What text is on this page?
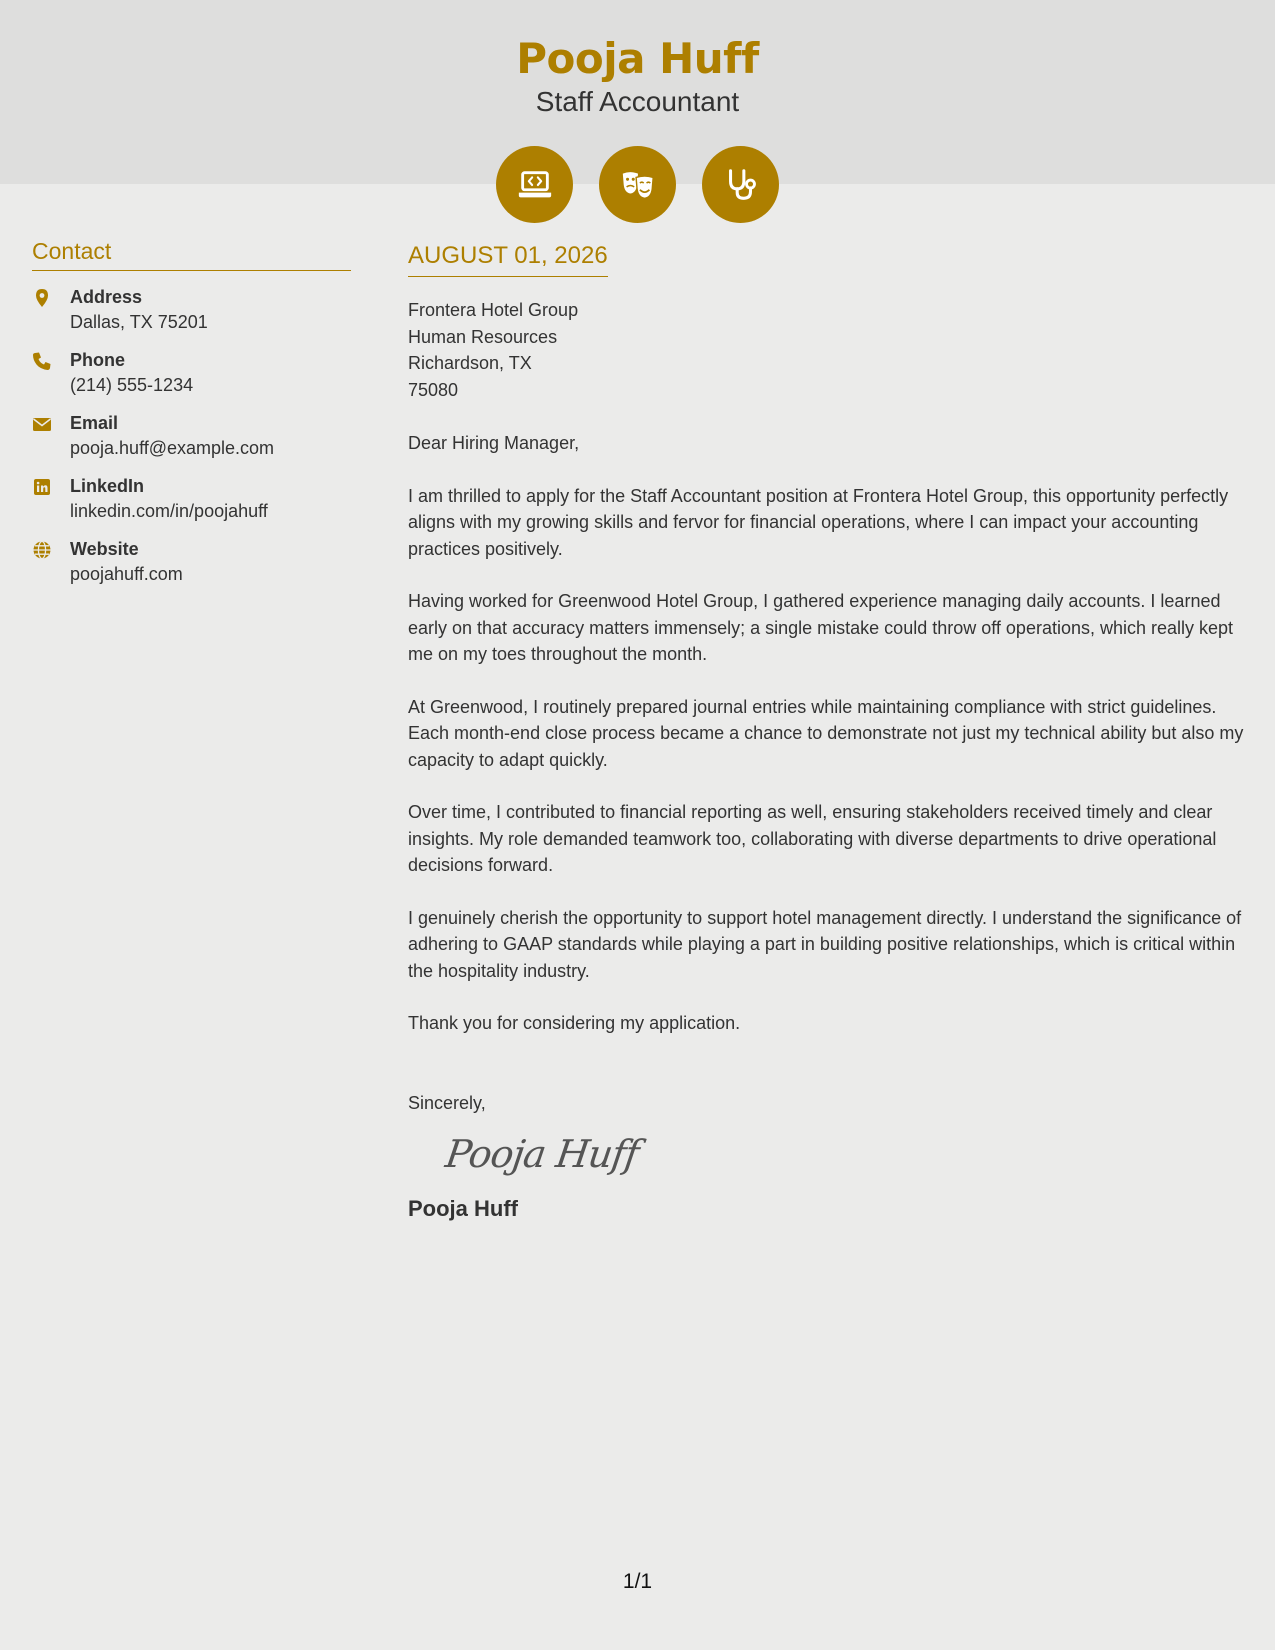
Pooja Huff
Staff Accountant
Contact
Address
Dallas, TX 75201
Phone
(214) 555-1234
Email
pooja.huff@example.com
LinkedIn
linkedin.com/in/poojahuff
Website
poojahuff.com
AUGUST 01, 2026
Frontera Hotel Group
Human Resources
Richardson, TX
75080
Dear Hiring Manager,

I am thrilled to apply for the Staff Accountant position at Frontera Hotel Group, this opportunity perfectly aligns with my growing skills and fervor for financial operations, where I can impact your accounting practices positively.

Having worked for Greenwood Hotel Group, I gathered experience managing daily accounts. I learned early on that accuracy matters immensely; a single mistake could throw off operations, which really kept me on my toes throughout the month.

At Greenwood, I routinely prepared journal entries while maintaining compliance with strict guidelines. Each month-end close process became a chance to demonstrate not just my technical ability but also my capacity to adapt quickly.

Over time, I contributed to financial reporting as well, ensuring stakeholders received timely and clear insights. My role demanded teamwork too, collaborating with diverse departments to drive operational decisions forward.

I genuinely cherish the opportunity to support hotel management directly. I understand the significance of adhering to GAAP standards while playing a part in building positive relationships, which is critical within the hospitality industry.

Thank you for considering my application.

Sincerely,
Pooja Huff
Pooja Huff
1/1
